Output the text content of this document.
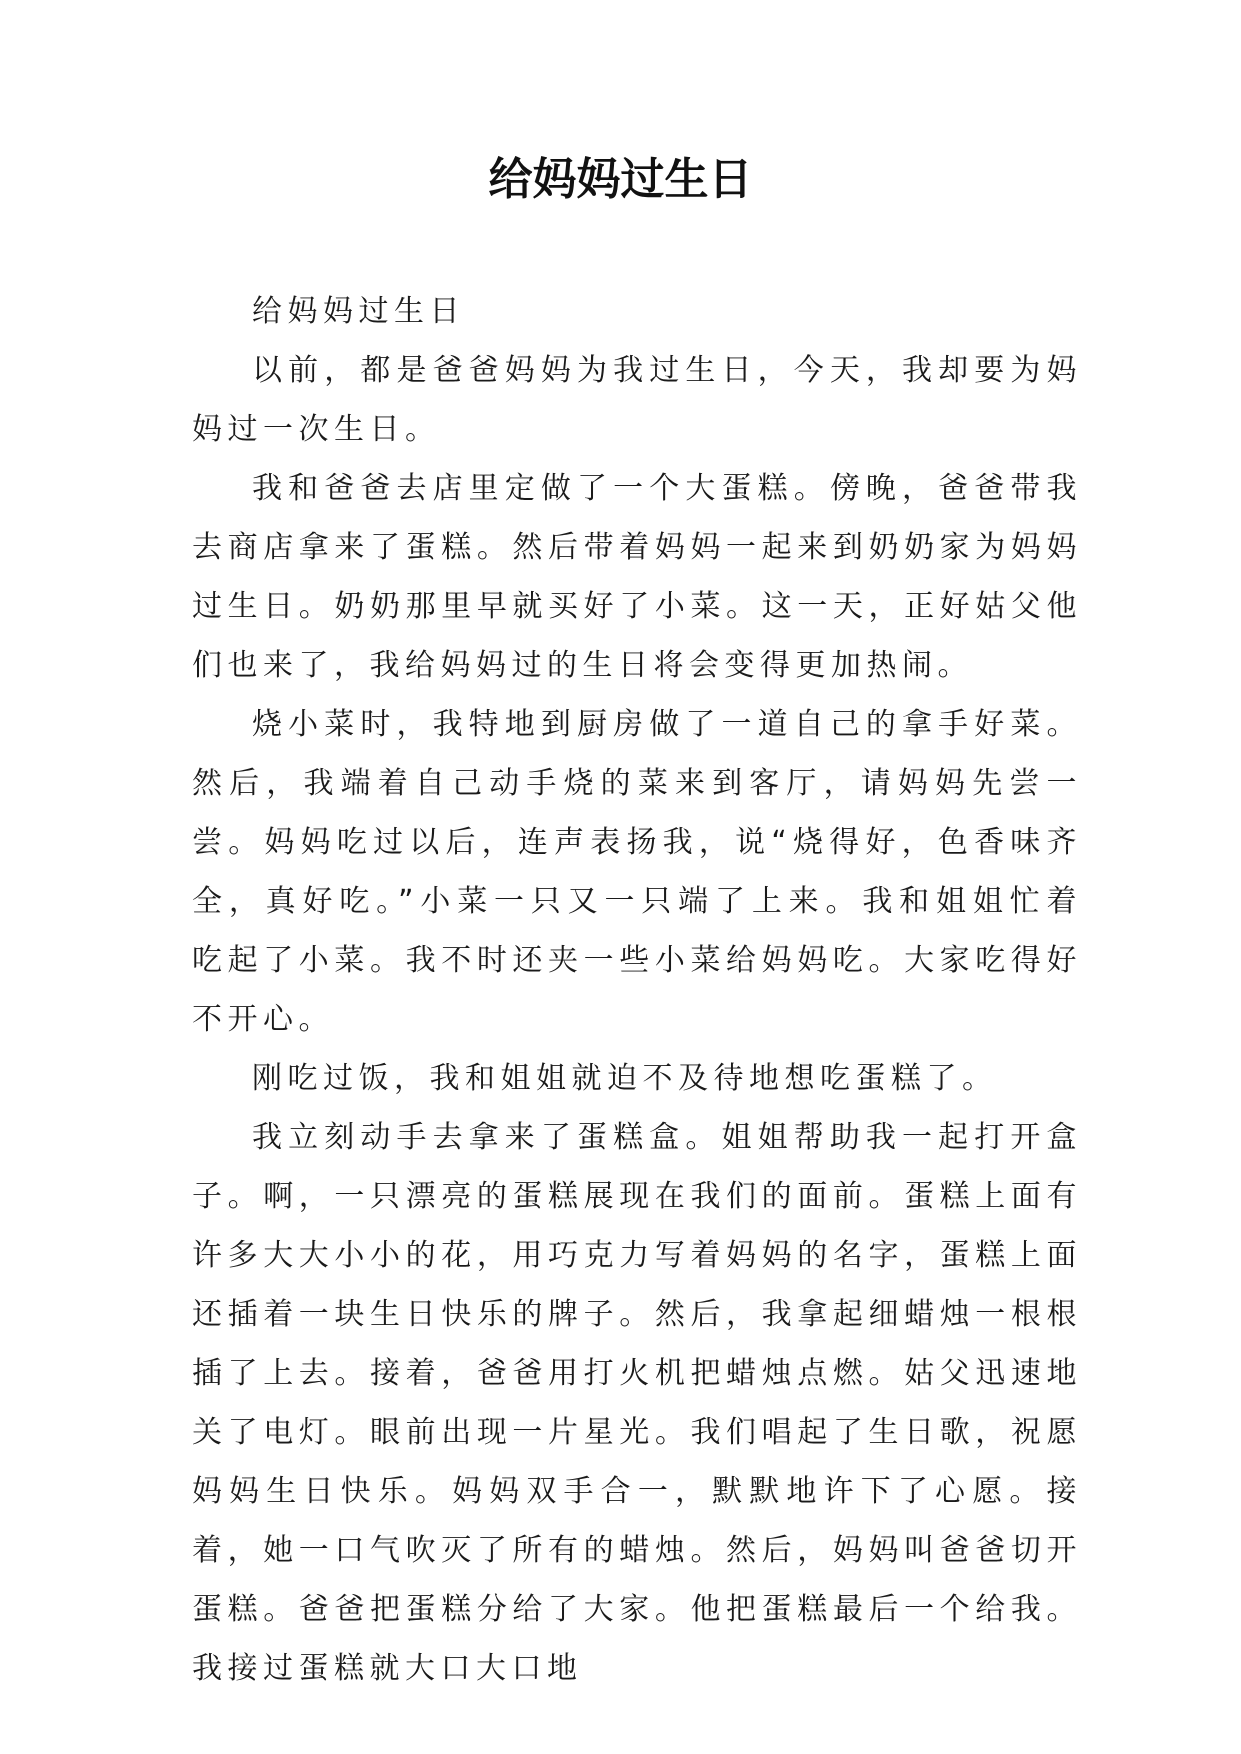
给妈妈过生日

给妈妈过生日

以前，都是爸爸妈妈为我过生日，今天，我却要为妈妈过一次生日。

我和爸爸去店里定做了一个大蛋糕。傍晚，爸爸带我去商店拿来了蛋糕。然后带着妈妈一起来到奶奶家为妈妈过生日。奶奶那里早就买好了小菜。这一天，正好姑父他们也来了，我给妈妈过的生日将会变得更加热闹。

烧小菜时，我特地到厨房做了一道自己的拿手好菜。然后，我端着自己动手烧的菜来到客厅，请妈妈先尝一尝。妈妈吃过以后，连声表扬我，说“烧得好，色香味齐全，真好吃。”小菜一只又一只端了上来。我和姐姐忙着吃起了小菜。我不时还夹一些小菜给妈妈吃。大家吃得好不开心。

刚吃过饭，我和姐姐就迫不及待地想吃蛋糕了。

我立刻动手去拿来了蛋糕盒。姐姐帮助我一起打开盒子。啊，一只漂亮的蛋糕展现在我们的面前。蛋糕上面有许多大大小小的花，用巧克力写着妈妈的名字，蛋糕上面还插着一块生日快乐的牌子。然后，我拿起细蜡烛一根根插了上去。接着，爸爸用打火机把蜡烛点燃。姑父迅速地关了电灯。眼前出现一片星光。我们唱起了生日歌，祝愿妈妈生日快乐。妈妈双手合一，默默地许下了心愿。接着，她一口气吹灭了所有的蜡烛。然后，妈妈叫爸爸切开蛋糕。爸爸把蛋糕分给了大家。他把蛋糕最后一个给我。我接过蛋糕就大口大口地
